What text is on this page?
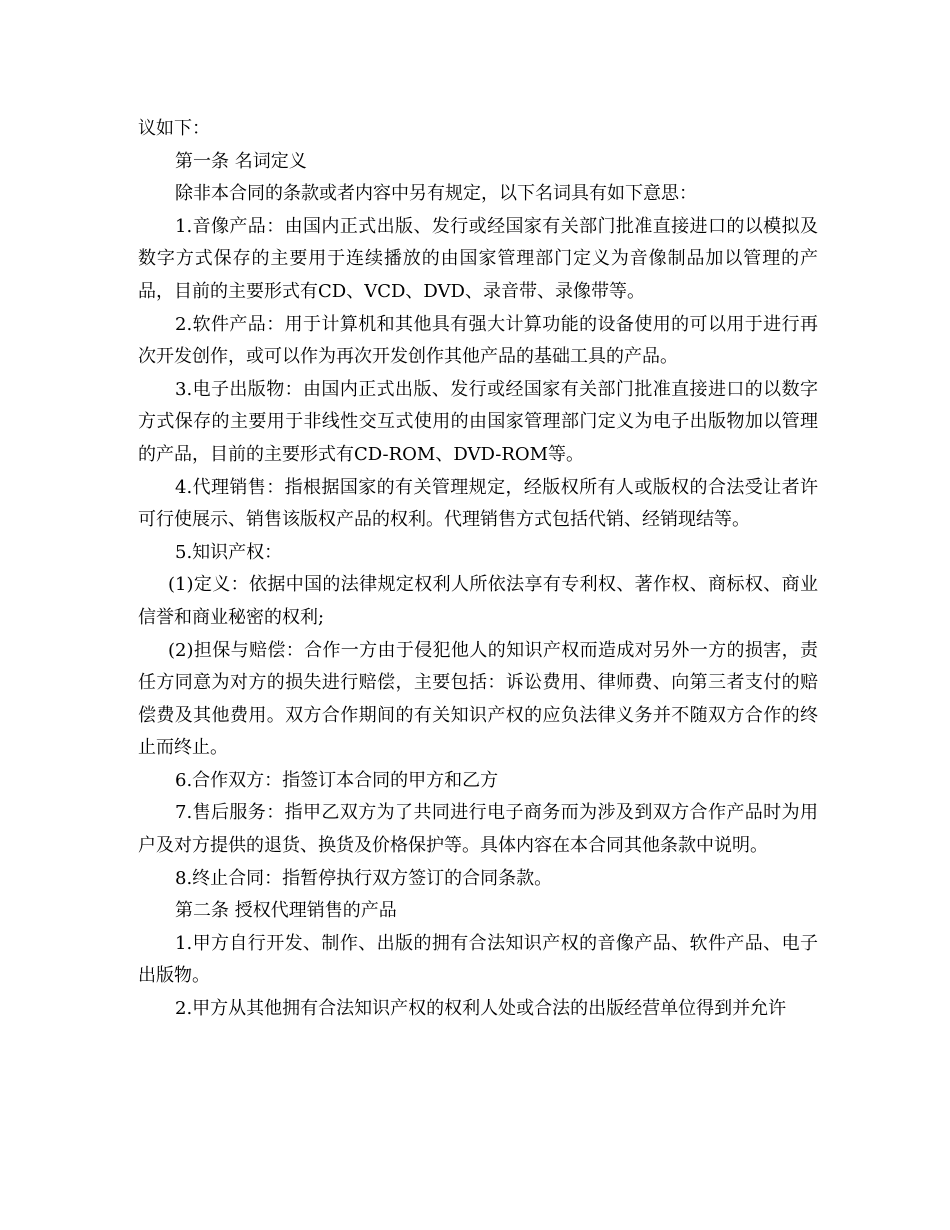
议如下：

第一条 名词定义

除非本合同的条款或者内容中另有规定，以下名词具有如下意思：

1.音像产品：由国内正式出版、发行或经国家有关部门批准直接进口的以模拟及数字方式保存的主要用于连续播放的由国家管理部门定义为音像制品加以管理的产品，目前的主要形式有CD、VCD、DVD、录音带、录像带等。

2.软件产品：用于计算机和其他具有强大计算功能的设备使用的可以用于进行再次开发创作，或可以作为再次开发创作其他产品的基础工具的产品。

3.电子出版物：由国内正式出版、发行或经国家有关部门批准直接进口的以数字方式保存的主要用于非线性交互式使用的由国家管理部门定义为电子出版物加以管理的产品，目前的主要形式有CD-ROM、DVD-ROM等。

4.代理销售：指根据国家的有关管理规定，经版权所有人或版权的合法受让者许可行使展示、销售该版权产品的权利。代理销售方式包括代销、经销现结等。

5.知识产权：

(1)定义：依据中国的法律规定权利人所依法享有专利权、著作权、商标权、商业信誉和商业秘密的权利;

(2)担保与赔偿：合作一方由于侵犯他人的知识产权而造成对另外一方的损害，责任方同意为对方的损失进行赔偿，主要包括：诉讼费用、律师费、向第三者支付的赔偿费及其他费用。双方合作期间的有关知识产权的应负法律义务并不随双方合作的终止而终止。

6.合作双方：指签订本合同的甲方和乙方

7.售后服务：指甲乙双方为了共同进行电子商务而为涉及到双方合作产品时为用户及对方提供的退货、换货及价格保护等。具体内容在本合同其他条款中说明。

8.终止合同：指暂停执行双方签订的合同条款。

第二条 授权代理销售的产品

1.甲方自行开发、制作、出版的拥有合法知识产权的音像产品、软件产品、电子出版物。

2.甲方从其他拥有合法知识产权的权利人处或合法的出版经营单位得到并允许
